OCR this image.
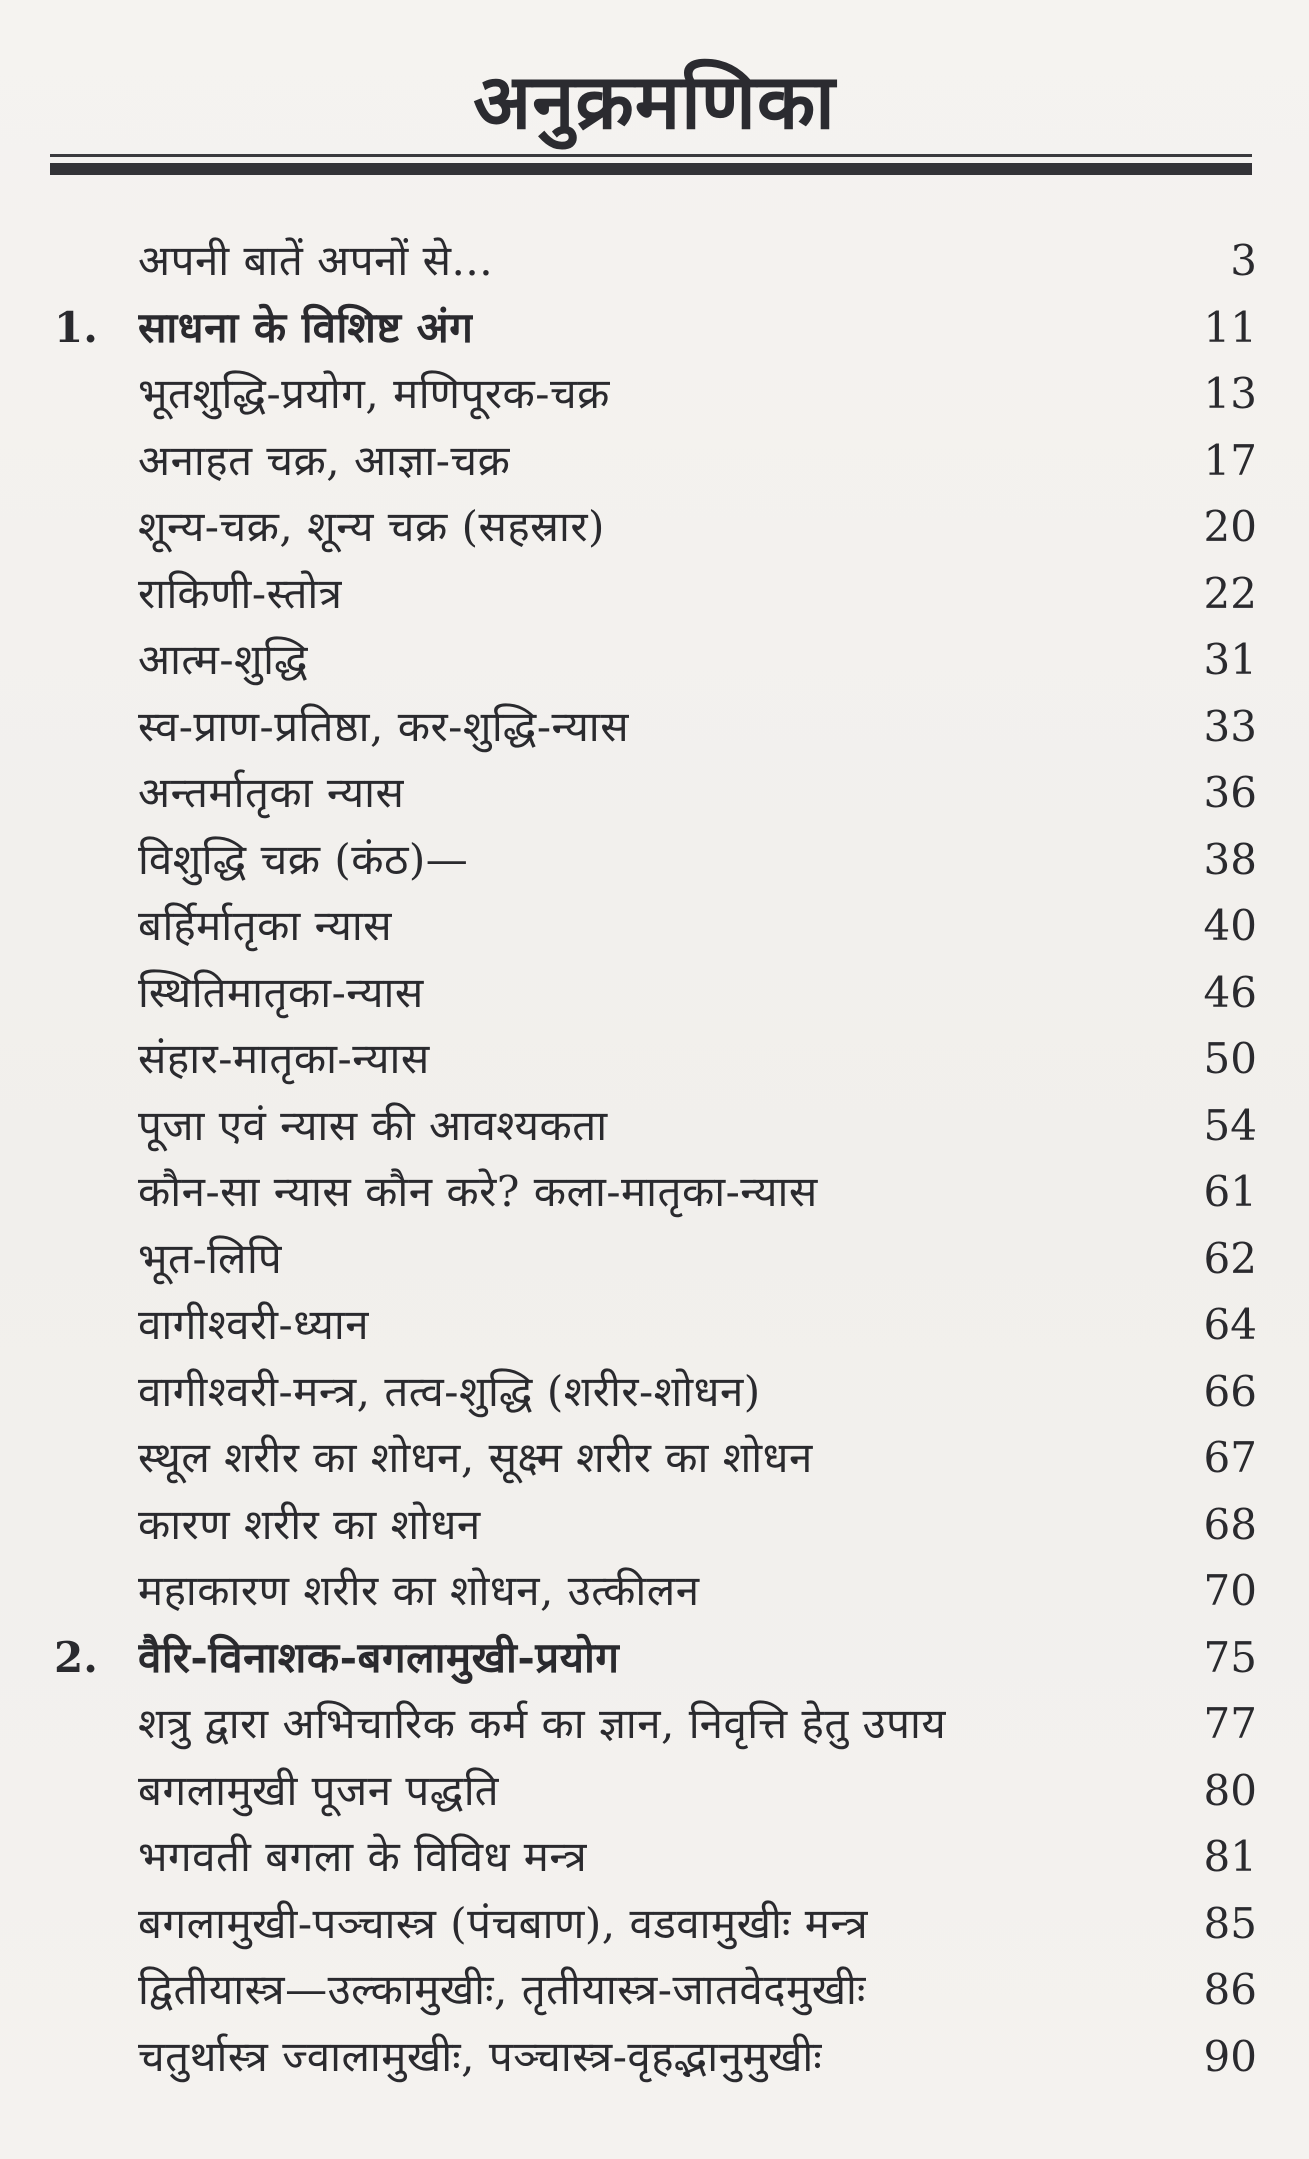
अनुक्रमणिका
अपनी बातें अपनों से...	3
1. साधना के विशिष्ट अंग	11
भूतशुद्धि-प्रयोग, मणिपूरक-चक्र	13
अनाहत चक्र, आज्ञा-चक्र	17
शून्य-चक्र, शून्य चक्र (सहस्रार)	20
राकिणी-स्तोत्र	22
आत्म-शुद्धि	31
स्व-प्राण-प्रतिष्ठा, कर-शुद्धि-न्यास	33
अन्तर्मातृका न्यास	36
विशुद्धि चक्र (कंठ)—	38
बर्हिर्मातृका न्यास	40
स्थितिमातृका-न्यास	46
संहार-मातृका-न्यास	50
पूजा एवं न्यास की आवश्यकता	54
कौन-सा न्यास कौन करे? कला-मातृका-न्यास	61
भूत-लिपि	62
वागीश्वरी-ध्यान	64
वागीश्वरी-मन्त्र, तत्व-शुद्धि (शरीर-शोधन)	66
स्थूल शरीर का शोधन, सूक्ष्म शरीर का शोधन	67
कारण शरीर का शोधन	68
महाकारण शरीर का शोधन, उत्कीलन	70
2. वैरि-विनाशक-बगलामुखी-प्रयोग	75
शत्रु द्वारा अभिचारिक कर्म का ज्ञान, निवृत्ति हेतु उपाय	77
बगलामुखी पूजन पद्धति	80
भगवती बगला के विविध मन्त्र	81
बगलामुखी-पञ्चास्त्र (पंचबाण), वडवामुखीः मन्त्र	85
द्वितीयास्त्र—उल्कामुखीः, तृतीयास्त्र-जातवेदमुखीः	86
चतुर्थास्त्र ज्वालामुखीः, पञ्चास्त्र-वृहद्भानुमुखीः	90
